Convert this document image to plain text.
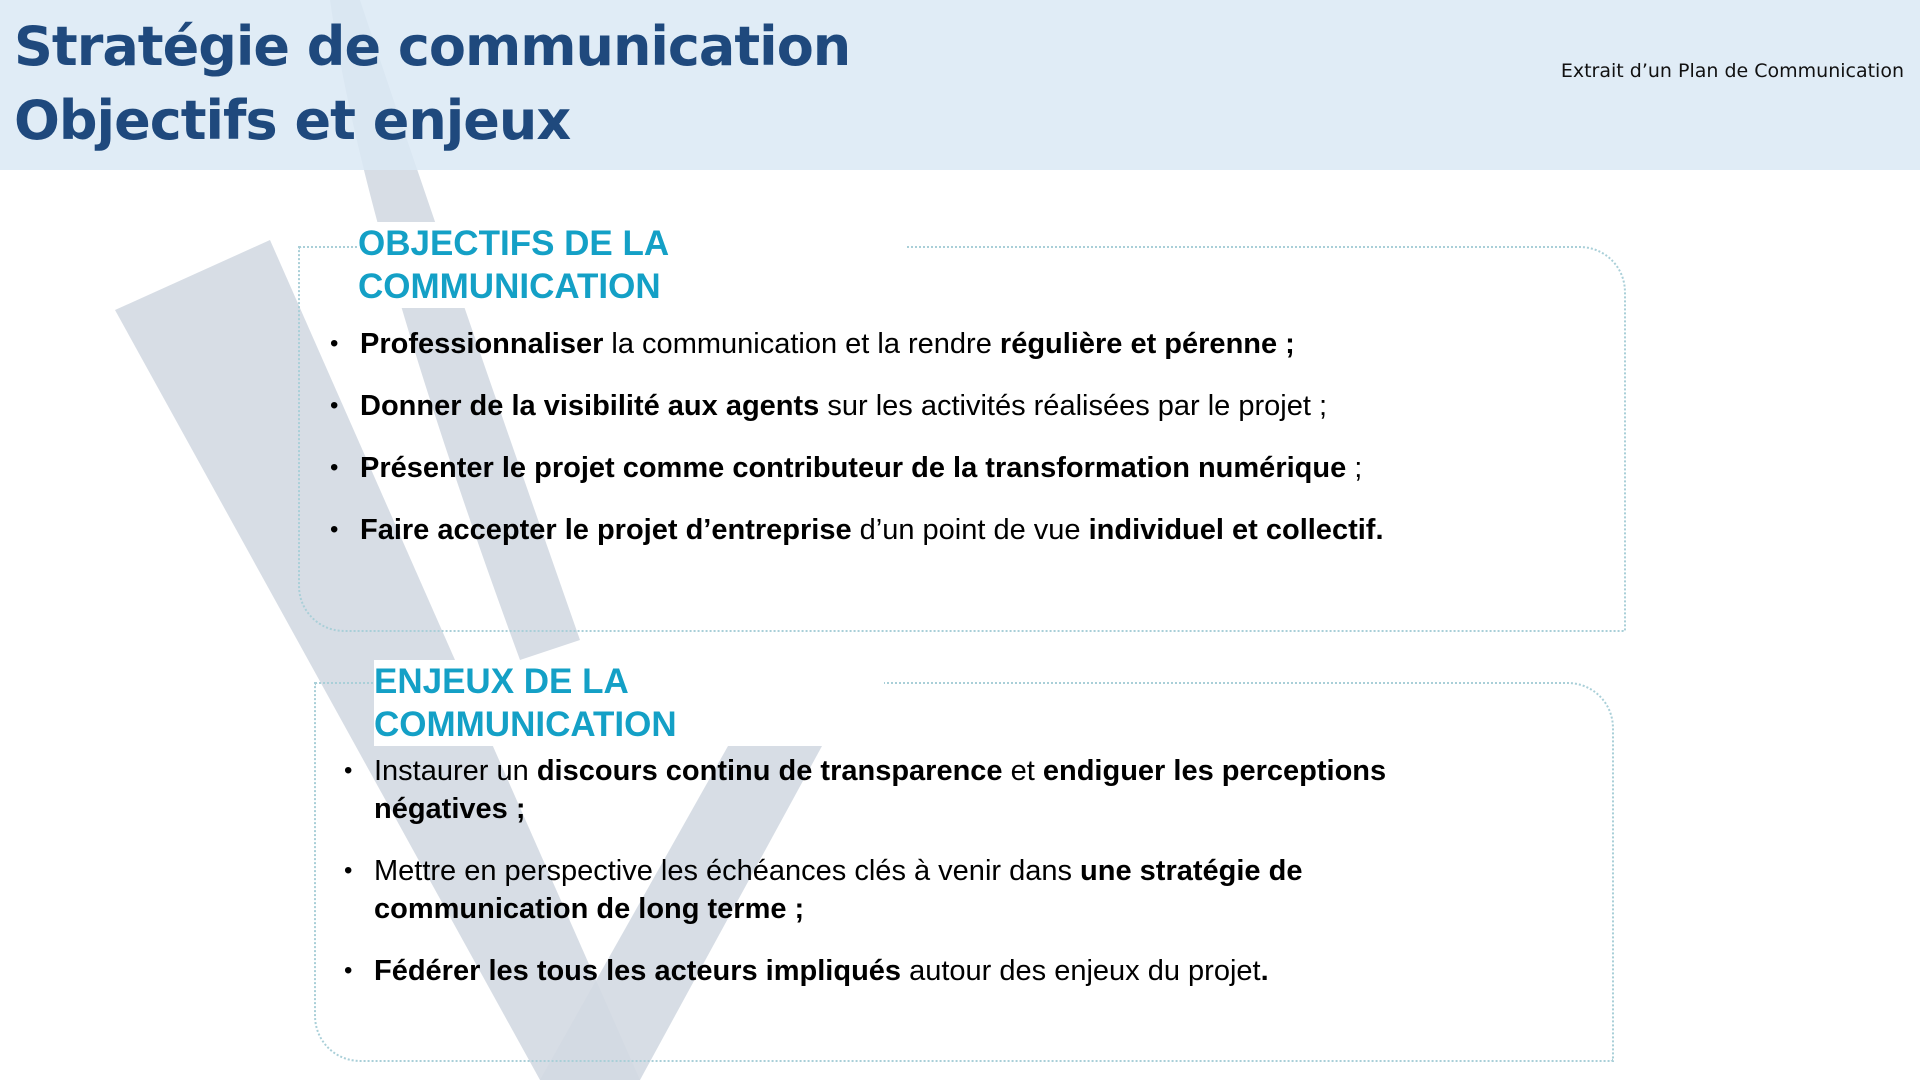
Stratégie de communication
Objectifs et enjeux
Extrait d’un Plan de Communication
OBJECTIFS DE LA
COMMUNICATION
• Professionnaliser la communication et la rendre régulière et pérenne ;
• Donner de la visibilité aux agents sur les activités réalisées par le projet ;
• Présenter le projet comme contributeur de la transformation numérique ;
• Faire accepter le projet d’entreprise d’un point de vue individuel et collectif.
ENJEUX DE LA
COMMUNICATION
• Instaurer un discours continu de transparence et endiguer les perceptions négatives ;
• Mettre en perspective les échéances clés à venir dans une stratégie de communication de long terme ;
• Fédérer les tous les acteurs impliqués autour des enjeux du projet.
